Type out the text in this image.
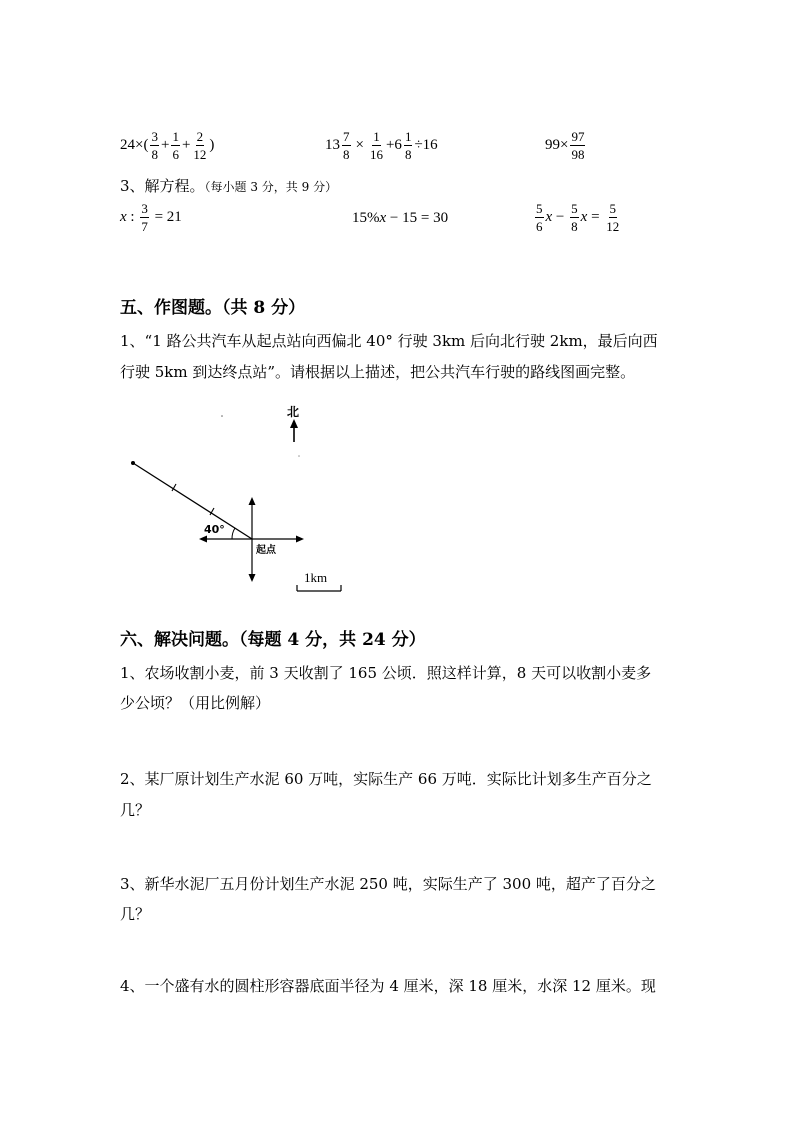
$24\times( \frac{3}{8} + \frac{1}{6} + \frac{2}{12}$ )	$13 \frac{7}{8} \times \frac{1}{16} +6 \frac{1}{8} \div 16$	$99\times \frac{97}{98}$
3、解方程。（每小题 3 分，共 9 分）
x : $\frac{3}{7} = 21$	15% x − 15 = 30	$\frac{5}{6}$ $x - \frac{5}{8}$ $x = \frac{5}{12}$
五、作图题。（共 8 分）
1、“1 路公共汽车从起点站向西偏北 40° 行驶 3km 后向北行驶 2km，最后向西
行驶 5km 到达终点站”。请根据以上描述，把公共汽车行驶的路线图画完整。
北
40°
起点
1km
六、解决问题。（每题 4 分，共 24 分）
1、农场收割小麦，前 3 天收割了 165 公顷．照这样计算，8 天可以收割小麦多
少公顷？（用比例解）
2、某厂原计划生产水泥 60 万吨，实际生产 66 万吨．实际比计划多生产百分之
几？
3、新华水泥厂五月份计划生产水泥 250 吨，实际生产了 300 吨，超产了百分之
几？
4、一个盛有水的圆柱形容器底面半径为 4 厘米，深 18 厘米，水深 12 厘米。现
